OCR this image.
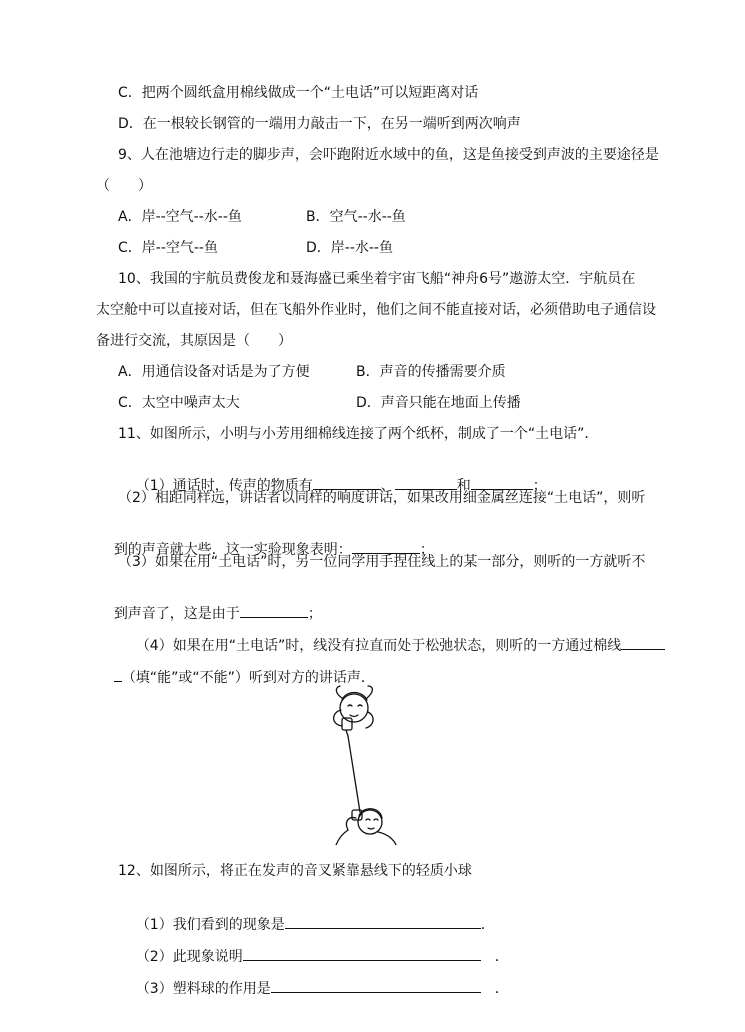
C．把两个圆纸盒用棉线做成一个“土电话”可以短距离对话
D．在一根较长钢管的一端用力敲击一下，在另一端听到两次响声
9、人在池塘边行走的脚步声，会吓跑附近水域中的鱼，这是鱼接受到声波的主要途径是
（　　）
A．岸--空气--水--鱼	B．空气--水--鱼
C．岸--空气--鱼	D．岸--水--鱼
10、我国的宇航员费俊龙和聂海盛已乘坐着宇宙飞船“神舟6号”遨游太空．宇航员在
太空舱中可以直接对话，但在飞船外作业时，他们之间不能直接对话，必须借助电子通信设
备进行交流，其原因是（　　）
A．用通信设备对话是为了方便	B．声音的传播需要介质
C．太空中噪声太大	D．声音只能在地面上传播
11、如图所示，小明与小芳用细棉线连接了两个纸杯，制成了一个“土电话”．

（1）通话时，传声的物质有	、	和	；

（2）相距同样远，讲话者以同样的响度讲话，如果改用细金属丝连接“土电话”，则听

到的声音就大些．这一实验现象表明：	；

（3）如果在用“土电话”时，另一位同学用手捏住线上的某一部分，则听的一方就听不

到声音了，这是由于	；

（4）如果在用“土电话”时，线没有拉直而处于松弛状态，则听的一方通过棉线

（填“能”或“不能”）听到对方的讲话声．

12、如图所示，将正在发声的音叉紧靠悬线下的轻质小球

（1）我们看到的现象是	．

（2）此现象说明	．

（3）塑料球的作用是	．
